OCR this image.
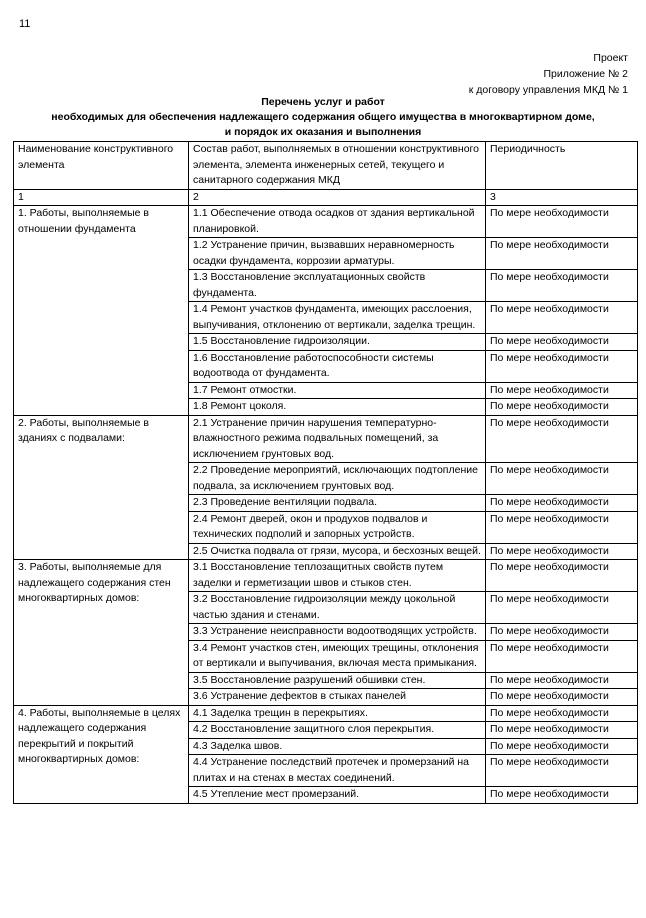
11
Проект
Приложение № 2
к договору управления МКД № 1
Перечень услуг и работ
необходимых для обеспечения надлежащего содержания общего имущества в многоквартирном доме,
и порядок их оказания и выполнения
Наименование конструктивного элемента	Состав работ, выполняемых в отношении конструктивного элемента, элемента инженерных сетей, текущего и санитарного содержания МКД	Периодичность
1	2	3
1. Работы, выполняемые в отношении фундамента	1.1 Обеспечение отвода осадков от здания вертикальной планировкой.	По мере необходимости
	1.2 Устранение причин, вызвавших неравномерность осадки фундамента, коррозии арматуры.	По мере необходимости
	1.3 Восстановление эксплуатационных свойств фундамента.	По мере необходимости
	1.4 Ремонт участков фундамента, имеющих расслоения, выпучивания, отклонению от вертикали, заделка трещин.	По мере необходимости
	1.5 Восстановление гидроизоляции.	По мере необходимости
	1.6 Восстановление работоспособности системы водоотвода от фундамента.	По мере необходимости
	1.7 Ремонт отмостки.	По мере необходимости
	1.8 Ремонт цоколя.	По мере необходимости
2. Работы, выполняемые в зданиях с подвалами:	2.1 Устранение причин нарушения температурно-влажностного режима подвальных помещений, за исключением грунтовых вод.	По мере необходимости
	2.2 Проведение мероприятий, исключающих подтопление подвала, за исключением грунтовых вод.	По мере необходимости
	2.3 Проведение вентиляции подвала.	По мере необходимости
	2.4 Ремонт дверей, окон и продухов подвалов и технических подполий и запорных устройств.	По мере необходимости
	2.5 Очистка подвала от грязи, мусора, и бесхозных вещей.	По мере необходимости
3. Работы, выполняемые для надлежащего содержания стен многоквартирных домов:	3.1 Восстановление теплозащитных свойств путем заделки и герметизации швов и стыков стен.	По мере необходимости
	3.2 Восстановление гидроизоляции между цокольной частью здания и стенами.	По мере необходимости
	3.3 Устранение неисправности водоотводящих устройств.	По мере необходимости
	3.4 Ремонт участков стен, имеющих трещины, отклонения от вертикали и выпучивания, включая места примыкания.	По мере необходимости
	3.5 Восстановление разрушений обшивки стен.	По мере необходимости
	3.6 Устранение дефектов в стыках панелей	По мере необходимости
4. Работы, выполняемые в целях надлежащего содержания перекрытий и покрытий многоквартирных домов:	4.1 Заделка трещин в перекрытиях.	По мере необходимости
	4.2 Восстановление защитного слоя перекрытия.	По мере необходимости
	4.3 Заделка швов.	По мере необходимости
	4.4 Устранение последствий протечек и промерзаний на плитах и на стенах в местах соединений.	По мере необходимости
	4.5 Утепление мест промерзаний.	По мере необходимости
